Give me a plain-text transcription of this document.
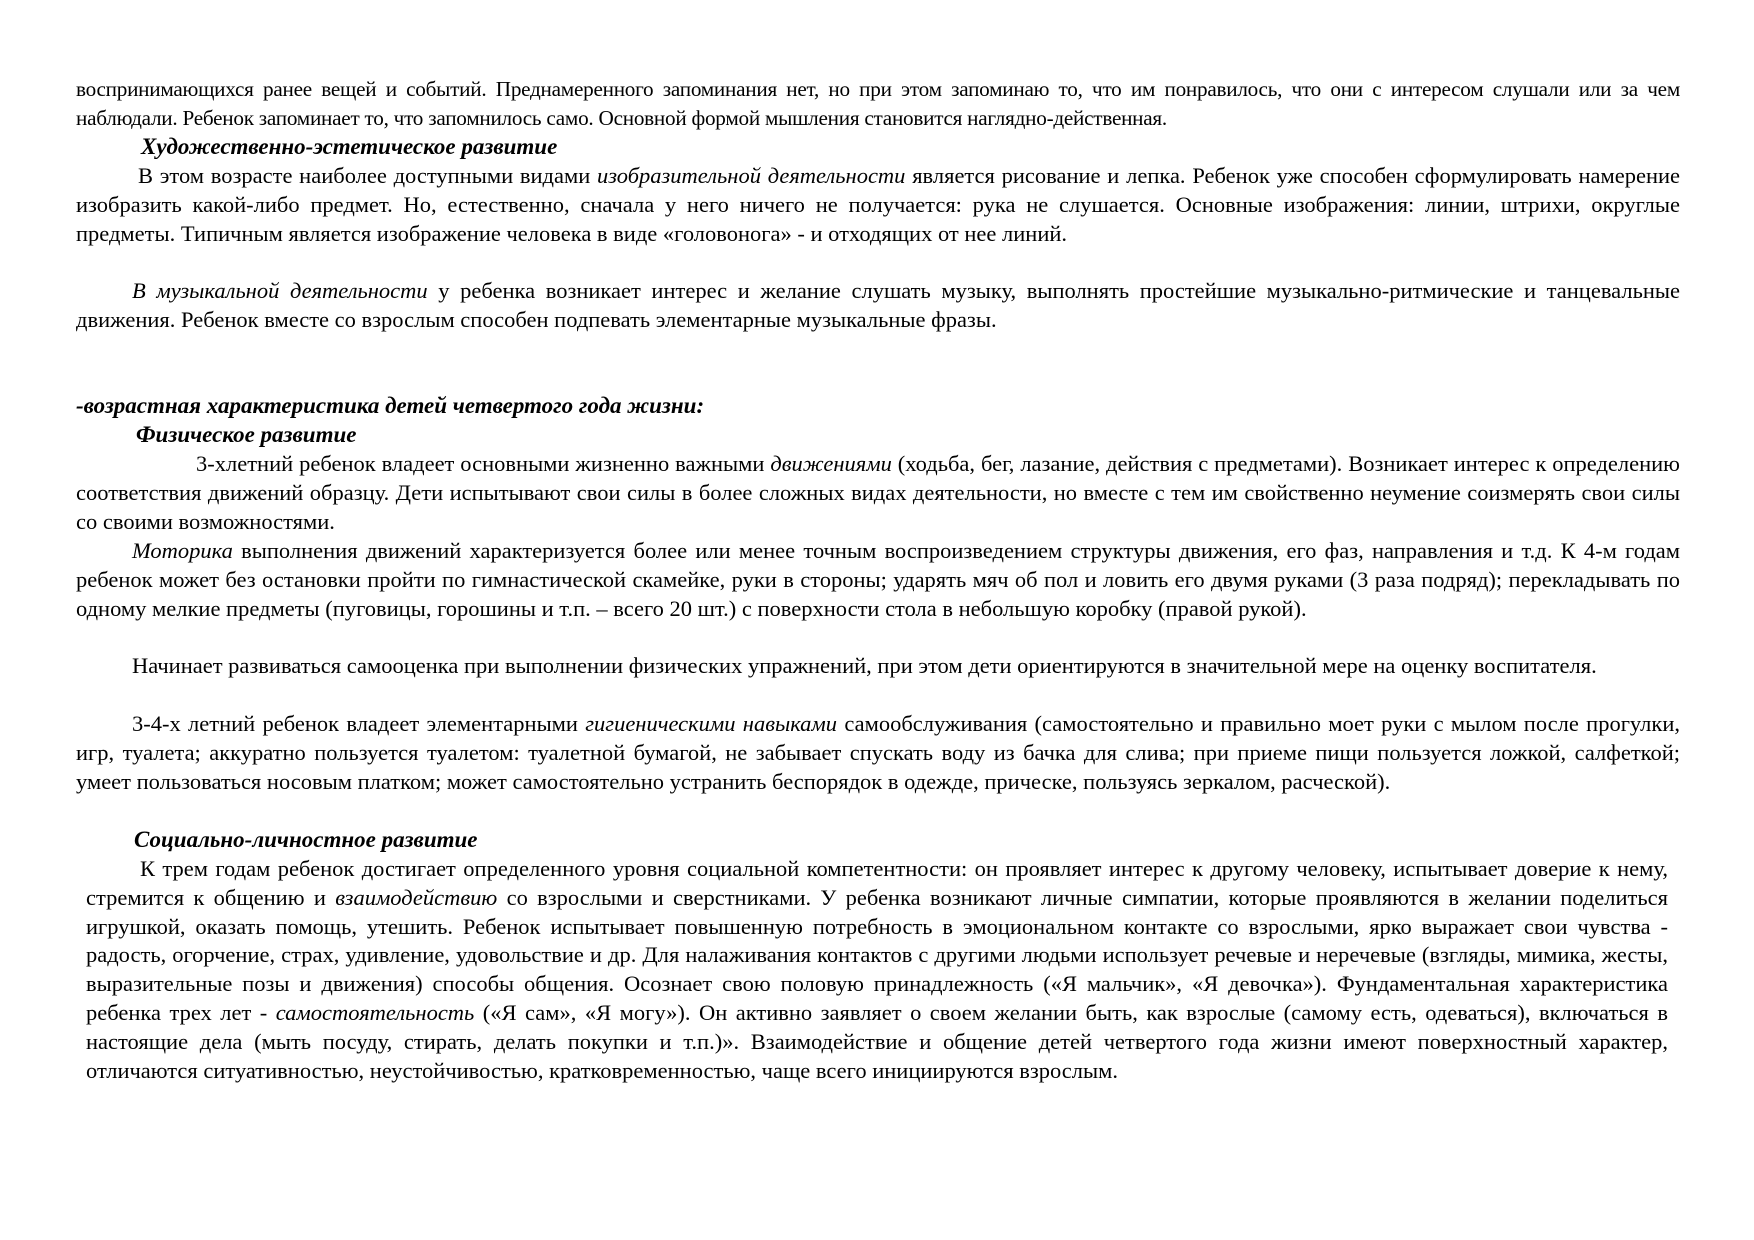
воспринимающихся ранее вещей и событий. Преднамеренного запоминания нет, но при этом запоминаю то, что им понравилось, что они с интересом слушали или за чем наблюдали. Ребенок запоминает то, что запомнилось само. Основной формой мышления становится наглядно-действенная.

Художественно-эстетическое развитие

В этом возрасте наиболее доступными видами изобразительной деятельности является рисование и лепка. Ребенок уже способен сформулировать намерение изобразить какой-либо предмет. Но, естественно, сначала у него ничего не получается: рука не слушается. Основные изображения: линии, штрихи, округлые предметы. Типичным является изображение человека в виде «головонога» - и отходящих от нее линий.

В музыкальной деятельности у ребенка возникает интерес и желание слушать музыку, выполнять простейшие музыкально-ритмические и танцевальные движения. Ребенок вместе со взрослым способен подпевать элементарные музыкальные фразы.

-возрастная характеристика детей четвертого года жизни:

Физическое развитие

3-хлетний ребенок владеет основными жизненно важными движениями (ходьба, бег, лазание, действия с предметами). Возникает интерес к определению соответствия движений образцу. Дети испытывают свои силы в более сложных видах деятельности, но вместе с тем им свойственно неумение соизмерять свои силы со своими возможностями.

Моторика выполнения движений характеризуется более или менее точным воспроизведением структуры движения, его фаз, направления и т.д. К 4-м годам ребенок может без остановки пройти по гимнастической скамейке, руки в стороны; ударять мяч об пол и ловить его двумя руками (3 раза подряд); перекладывать по одному мелкие предметы (пуговицы, горошины и т.п. – всего 20 шт.) с поверхности стола в небольшую коробку (правой рукой).

Начинает развиваться самооценка при выполнении физических упражнений, при этом дети ориентируются в значительной мере на оценку воспитателя.

3-4-х летний ребенок владеет элементарными гигиеническими навыками самообслуживания (самостоятельно и правильно моет руки с мылом после прогулки, игр, туалета; аккуратно пользуется туалетом: туалетной бумагой, не забывает спускать воду из бачка для слива; при приеме пищи пользуется ложкой, салфеткой; умеет пользоваться носовым платком; может самостоятельно устранить беспорядок в одежде, прическе, пользуясь зеркалом, расческой).

Социально-личностное развитие

К трем годам ребенок достигает определенного уровня социальной компетентности: он проявляет интерес к другому человеку, испытывает доверие к нему, стремится к общению и взаимодействию со взрослыми и сверстниками. У ребенка возникают личные симпатии, которые проявляются в желании поделиться игрушкой, оказать помощь, утешить. Ребенок испытывает повышенную потребность в эмоциональном контакте со взрослыми, ярко выражает свои чувства - радость, огорчение, страх, удивление, удовольствие и др. Для налаживания контактов с другими людьми использует речевые и неречевые (взгляды, мимика, жесты, выразительные позы и движения) способы общения. Осознает свою половую принадлежность («Я мальчик», «Я девочка»). Фундаментальная характеристика ребенка трех лет - самостоятельность («Я сам», «Я могу»). Он активно заявляет о своем желании быть, как взрослые (самому есть, одеваться), включаться в настоящие дела (мыть посуду, стирать, делать покупки и т.п.)». Взаимодействие и общение детей четвертого года жизни имеют поверхностный характер, отличаются ситуативностью, неустойчивостью, кратковременностью, чаще всего инициируются взрослым.
